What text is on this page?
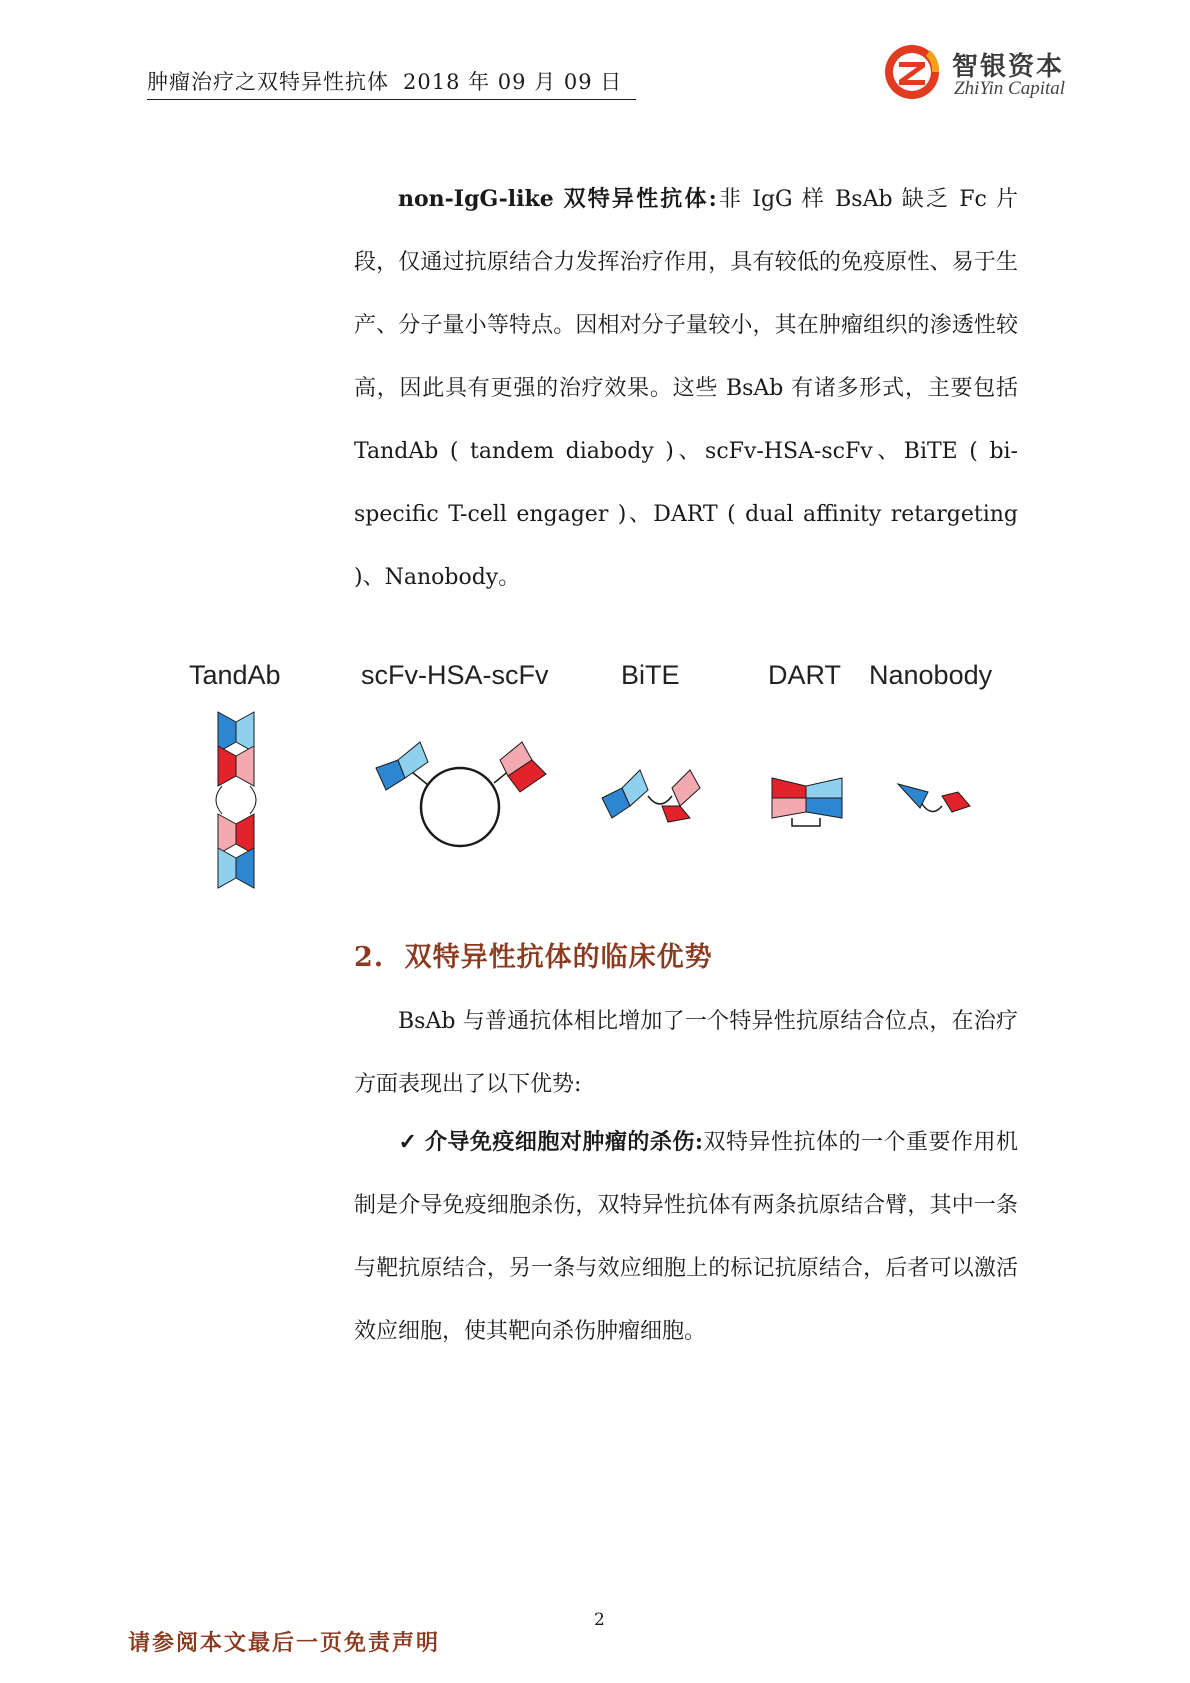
肿瘤治疗之双特异性抗体 2018 年 09 月 09 日	智银资本
ZhiYin Capital
non-IgG-like 双特异性抗体:非 IgG 样 BsAb 缺乏 Fc 片段，仅通过抗原结合力发挥治疗作用，具有较低的免疫原性、易于生产、分子量小等特点。因相对分子量较小，其在肿瘤组织的渗透性较高，因此具有更强的治疗效果。这些 BsAb 有诸多形式，主要包括 TandAb ( tandem diabody )、scFv-HSA-scFv、BiTE ( bi-specific T-cell engager )、DART ( dual affinity retargeting )、Nanobody。
TandAb	scFv-HSA-scFv	BiTE	DART Nanobody
2. 双特异性抗体的临床优势
BsAb 与普通抗体相比增加了一个特异性抗原结合位点，在治疗方面表现出了以下优势:
✓ 介导免疫细胞对肿瘤的杀伤:双特异性抗体的一个重要作用机制是介导免疫细胞杀伤，双特异性抗体有两条抗原结合臂，其中一条与靶抗原结合，另一条与效应细胞上的标记抗原结合，后者可以激活效应细胞，使其靶向杀伤肿瘤细胞。
2
请参阅本文最后一页免责声明
